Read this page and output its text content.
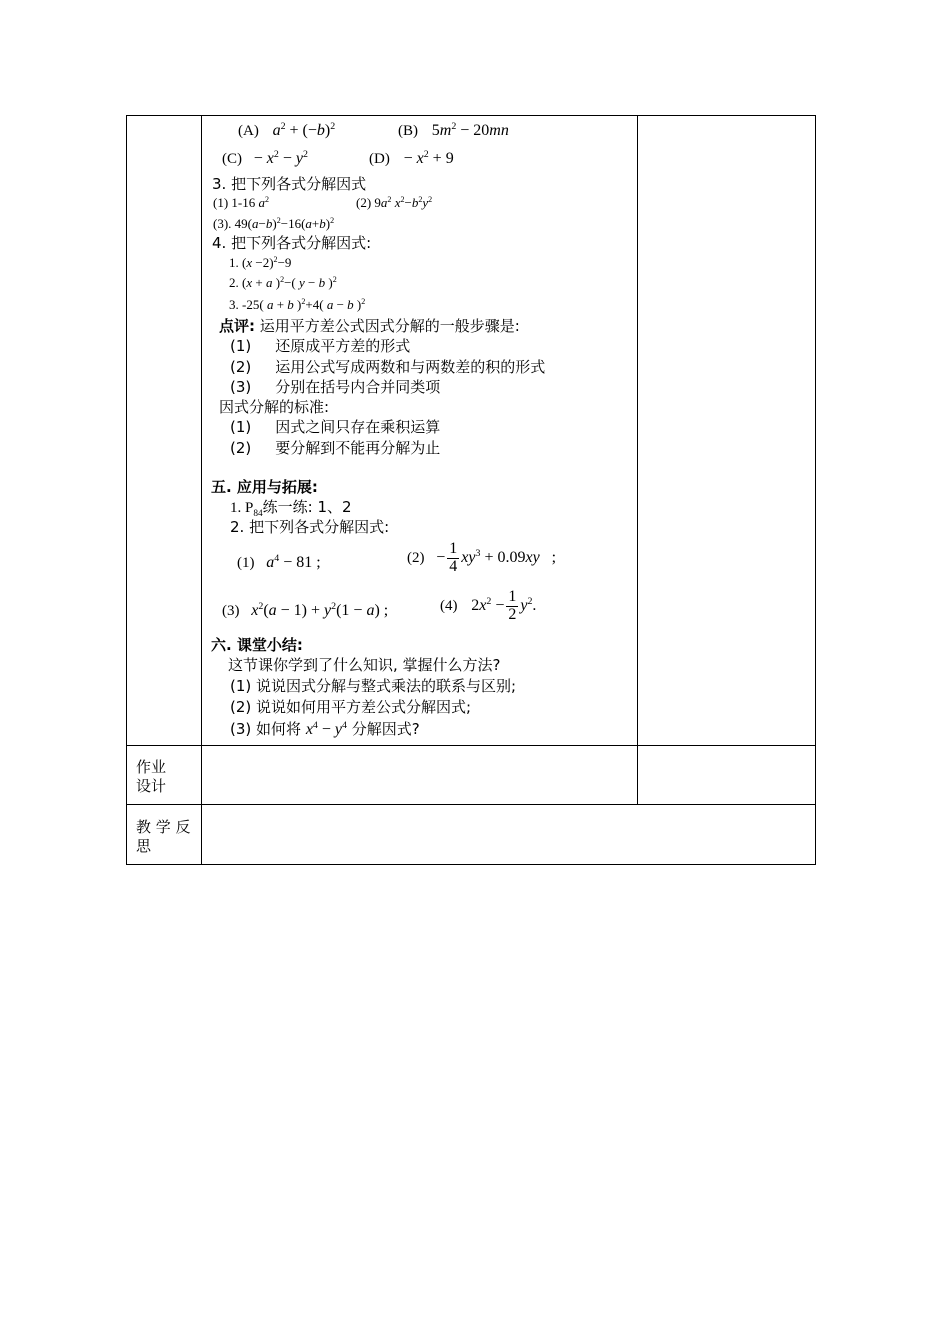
(A) $a^2 + (-b)^2$	(B) $5m^2 - 20mn$
$(C) - x^2 - y^2$	$(D) - x^2 + 9$
3. 把下列各式分解因式
(1) 1-16 $a^2$	(2) $9a^2$ $x^2-b^2y^2$
(3). $49(a-b)^2-16(a+b)^2$
4. 把下列各式分解因式:
1. $(x -2)^2-9$
2. (x + a )$^2$−( y − b )$^2$
3. -25( a + b )$^2$+4( a − b )$^2$
点评: 运用平方差公式因式分解的一般步骤是:
(1) 还原成平方差的形式
(2) 运用公式写成两数和与两数差的积的形式
(3) 分别在括号内合并同类项
因式分解的标准:
(1) 因式之间只存在乘积运算
(2) 要分解到不能再分解为止
五. 应用与拓展:
1. $P_{84}$练一练: 1、2
2. 把下列各式分解因式:
(1) $a^4 - 81$ ;	$(2) - \frac{1}{4} xy^3 + 0.09xy$   ;
(3) $x^2(a - 1) + y^2(1 - a)$ ;	(4) $2x^2 - \frac{1}{2} y^2$.
六. 课堂小结:
这节课你学到了什么知识, 掌握什么方法?
(1) 说说因式分解与整式乘法的联系与区别;
(2) 说说如何用平方差公式分解因式;
(3) 如何将 $x^4 - y^4$ 分解因式?
作业
设计
教 学 反
思
